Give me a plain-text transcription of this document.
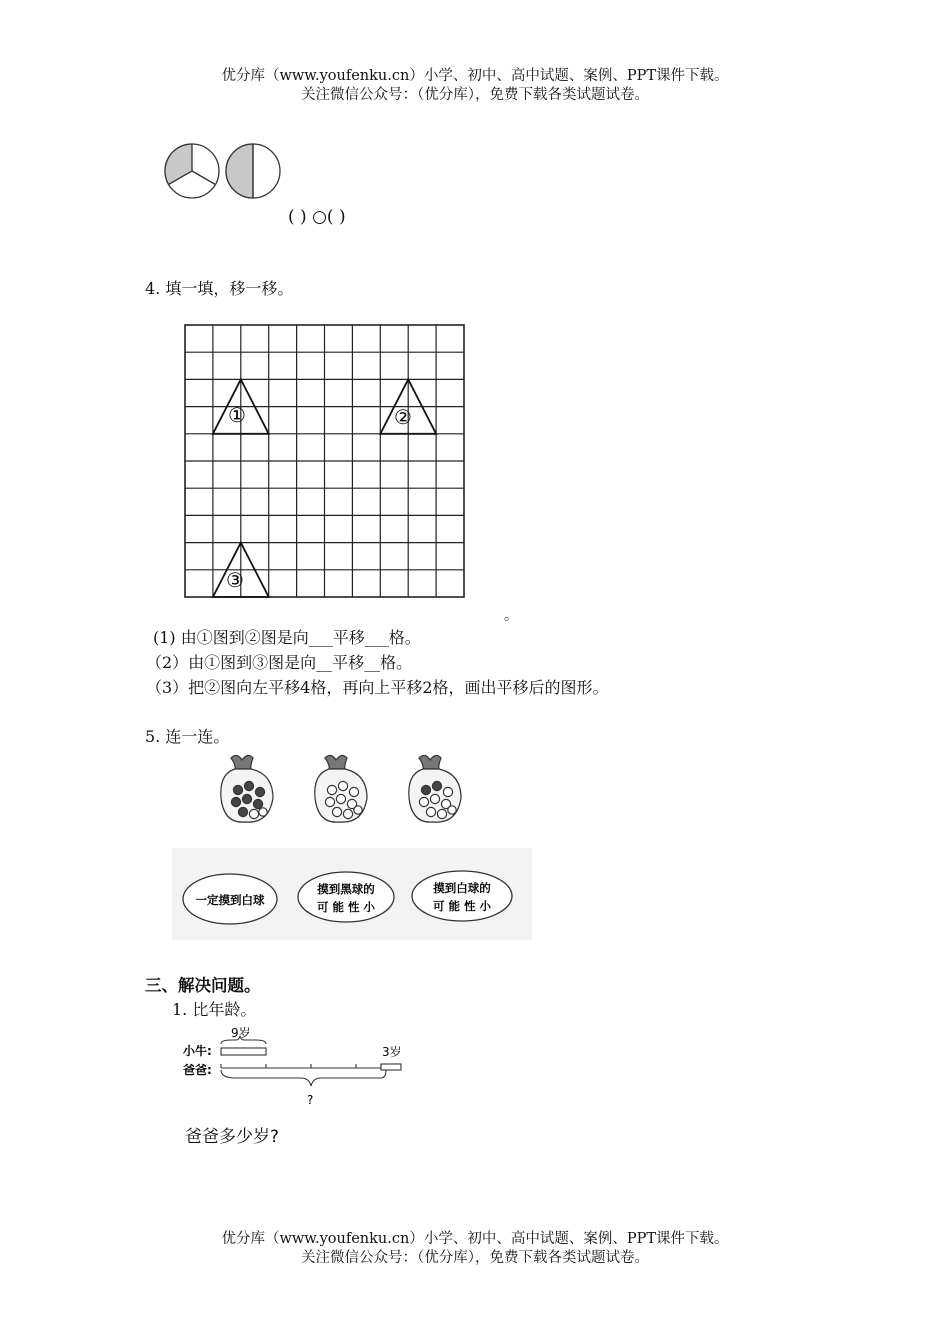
优分库（www.youfenku.cn）小学、初中、高中试题、案例、PPT课件下载。
关注微信公众号：（优分库），免费下载各类试题试卷。
( ) ○( )
4. 填一填，移一移。
①	②
③
。
(1) 由①图到②图是向___平移___格。
（2）由①图到③图是向__平移__格。
（3）把②图向左平移4格，再向上平移2格，画出平移后的图形。
5. 连一连。
一定摸到白球
摸到黑球的
可 能 性 小
摸到白球的
可 能 性 小
三、解决问题。
1. 比年龄。
小牛:
爸爸:
9岁
3岁
?
爸爸多少岁?
优分库（www.youfenku.cn）小学、初中、高中试题、案例、PPT课件下载。
关注微信公众号：（优分库），免费下载各类试题试卷。
